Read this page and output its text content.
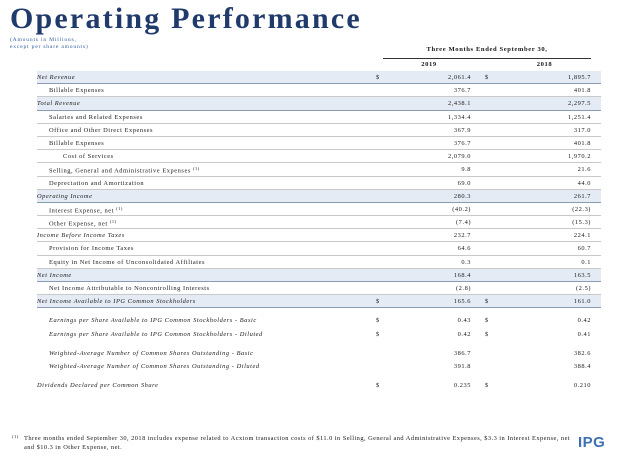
Operating Performance
(Amounts in Millions,
except per share amounts)	Three Months Ended September 30,
2019	2018
Net Revenue	$	2,061.4 $	1,895.7
Billable Expenses	376.7	401.8
Total Revenue	2,438.1	2,297.5
Salaries and Related Expenses	1,334.4	1,251.4
Office and Other Direct Expenses	367.9	317.0
Billable Expenses	376.7	401.8
Cost of Services	2,079.0	1,970.2
Selling, General and Administrative Expenses $^{(1)}$	9.8	21.6
Depreciation and Amortization	69.0	44.0
Operating Income	280.3	261.7
Interest Expense, net $^{(1)}$	(40.2)	(22.3)
Other Expense, net $^{(1)}$	(7.4)	(15.3)
Income Before Income Taxes	232.7	224.1
Provision for Income Taxes	64.6	60.7
Equity in Net Income of Unconsolidated Affiliates	0.3	0.1
Net Income	168.4	163.5
Net Income Attributable to Noncontrolling Interests	(2.8)	(2.5)
Net Income Available to IPG Common Stockholders	$	165.6 $	161.0
Earnings per Share Available to IPG Common Stockholders - Basic	$	0.43 $	0.42
Earnings per Share Available to IPG Common Stockholders - Diluted	$	0.42 $	0.41
Weighted-Average Number of Common Shares Outstanding - Basic	386.7	382.6
Weighted-Average Number of Common Shares Outstanding - Diluted	391.8	388.4
Dividends Declared per Common Share	$	0.235 $	0.210
(1) Three months ended September 30, 2018 includes expense related to Acxiom transaction costs of $11.0 in Selling, General and Administrative Expenses, $3.3 in Interest Expense, net and $10.3 in Other Expense, net.	IPG
